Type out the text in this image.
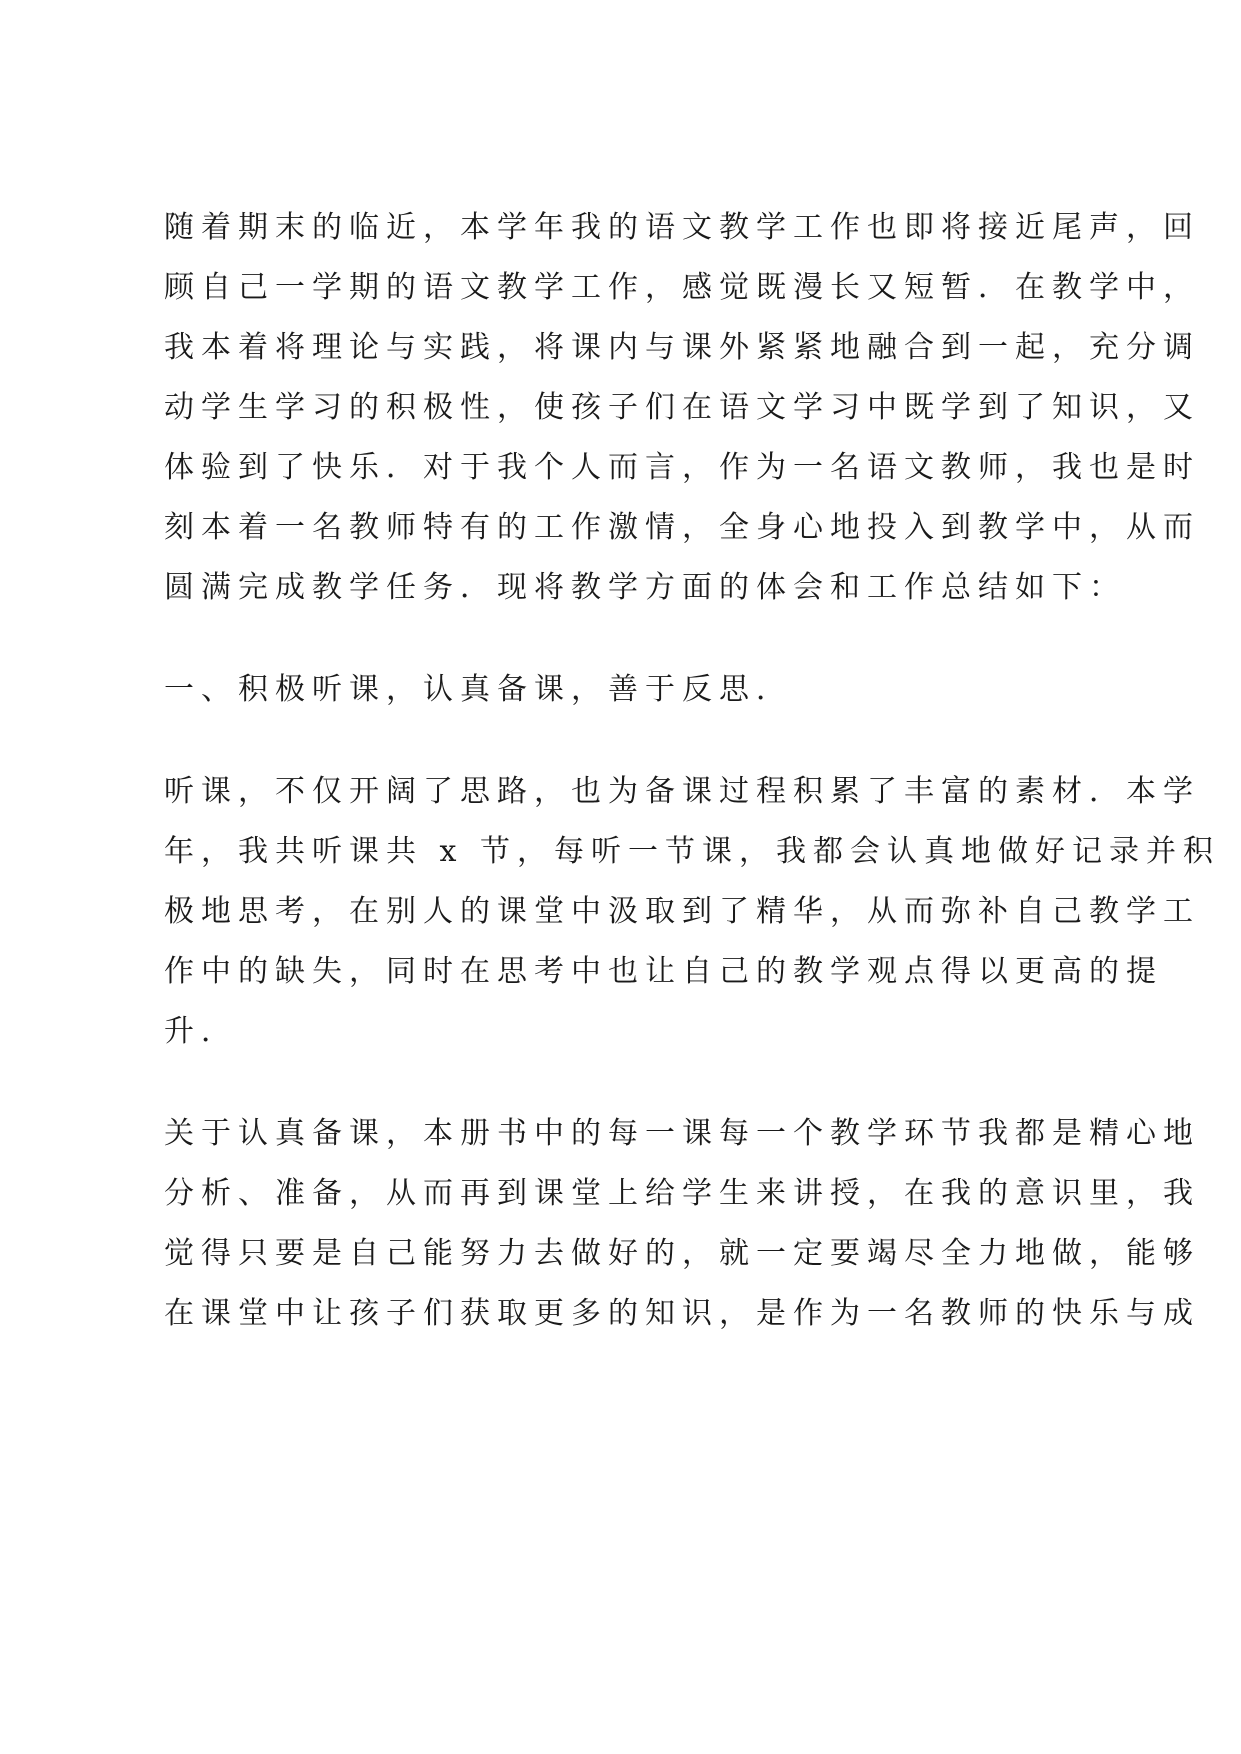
随着期末的临近，本学年我的语文教学工作也即将接近尾声，回
顾自己一学期的语文教学工作，感觉既漫长又短暂．在教学中，
我本着将理论与实践，将课内与课外紧紧地融合到一起，充分调
动学生学习的积极性，使孩子们在语文学习中既学到了知识，又
体验到了快乐．对于我个人而言，作为一名语文教师，我也是时
刻本着一名教师特有的工作激情，全身心地投入到教学中，从而
圆满完成教学任务．现将教学方面的体会和工作总结如下：
一、积极听课，认真备课，善于反思．
听课，不仅开阔了思路，也为备课过程积累了丰富的素材．本学
年，我共听课共 x 节，每听一节课，我都会认真地做好记录并积
极地思考，在别人的课堂中汲取到了精华，从而弥补自己教学工
作中的缺失，同时在思考中也让自己的教学观点得以更高的提
升．
关于认真备课，本册书中的每一课每一个教学环节我都是精心地
分析、准备，从而再到课堂上给学生来讲授，在我的意识里，我
觉得只要是自己能努力去做好的，就一定要竭尽全力地做，能够
在课堂中让孩子们获取更多的知识，是作为一名教师的快乐与成
